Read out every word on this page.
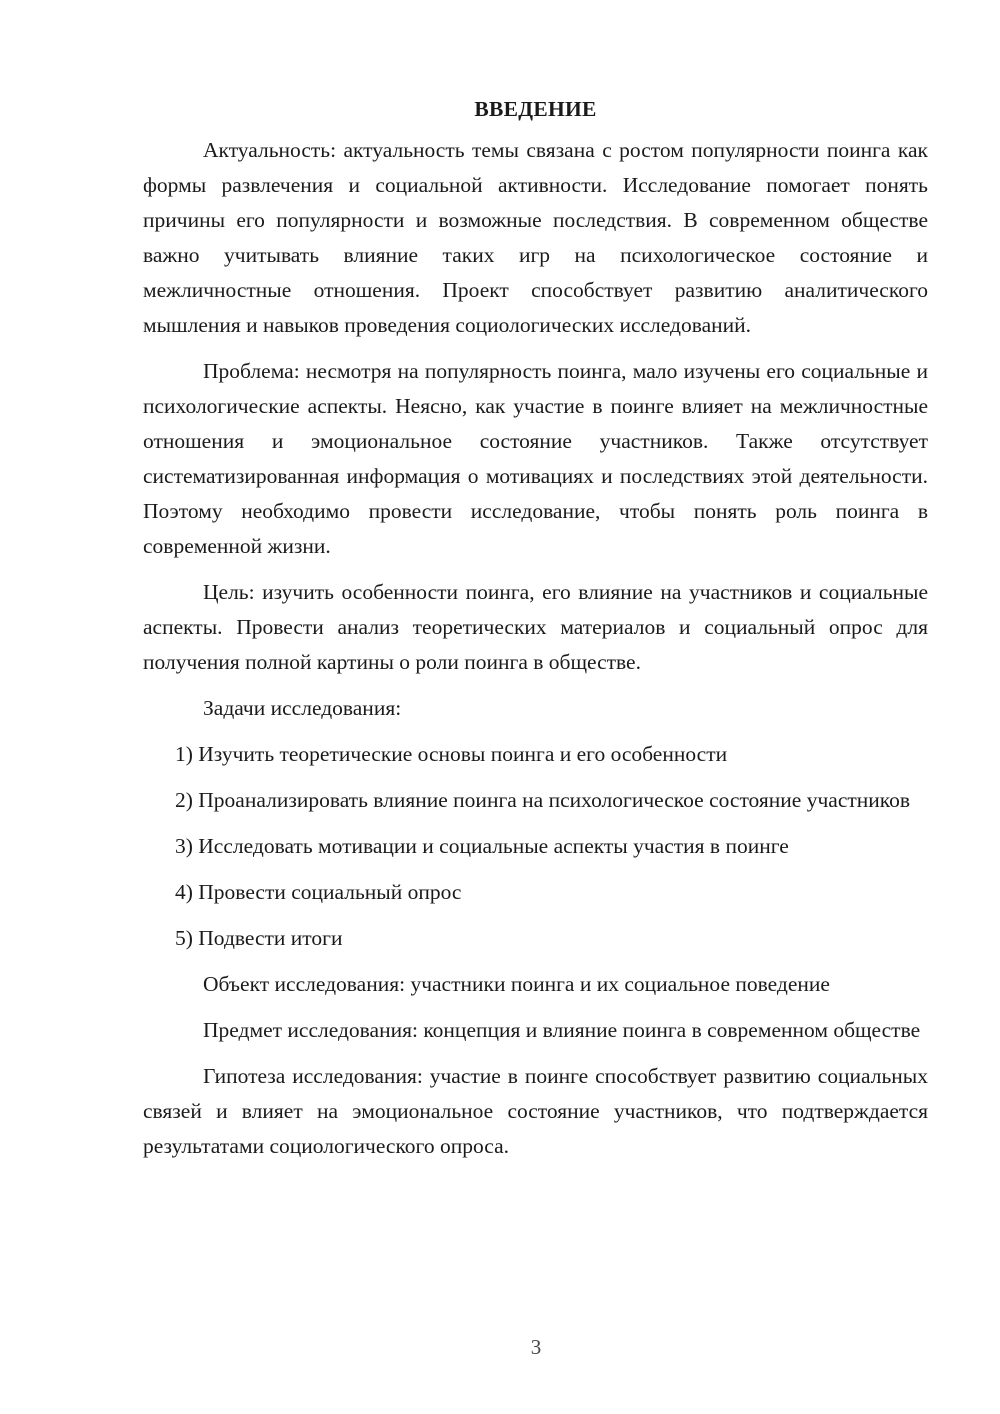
ВВЕДЕНИЕ

Актуальность: актуальность темы связана с ростом популярности поинга как формы развлечения и социальной активности. Исследование помогает понять причины его популярности и возможные последствия. В современном обществе важно учитывать влияние таких игр на психологическое состояние и межличностные отношения. Проект способствует развитию аналитического мышления и навыков проведения социологических исследований.

Проблема: несмотря на популярность поинга, мало изучены его социальные и психологические аспекты. Неясно, как участие в поинге влияет на межличностные отношения и эмоциональное состояние участников. Также отсутствует систематизированная информация о мотивациях и последствиях этой деятельности. Поэтому необходимо провести исследование, чтобы понять роль поинга в современной жизни.

Цель: изучить особенности поинга, его влияние на участников и социальные аспекты. Провести анализ теоретических материалов и социальный опрос для получения полной картины о роли поинга в обществе.

Задачи исследования:

1) Изучить теоретические основы поинга и его особенности

2) Проанализировать влияние поинга на психологическое состояние участников

3) Исследовать мотивации и социальные аспекты участия в поинге

4) Провести социальный опрос

5) Подвести итоги

Объект исследования: участники поинга и их социальное поведение

Предмет исследования: концепция и влияние поинга в современном обществе

Гипотеза исследования: участие в поинге способствует развитию социальных связей и влияет на эмоциональное состояние участников, что подтверждается результатами социологического опроса.

3
